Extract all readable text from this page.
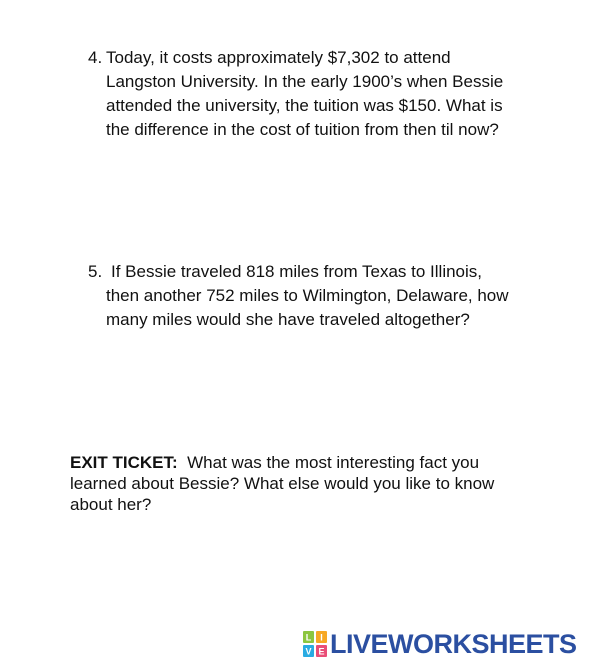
4. Today, it costs approximately $7,302 to attend
Langston University. In the early 1900’s when Bessie
attended the university, the tuition was $150. What is
the difference in the cost of tuition from then til now?
5. If Bessie traveled 818 miles from Texas to Illinois,
then another 752 miles to Wilmington, Delaware, how
many miles would she have traveled altogether?
EXIT TICKET: What was the most interesting fact you
learned about Bessie? What else would you like to know
about her?
L I
V E LIVEWORKSHEETS
